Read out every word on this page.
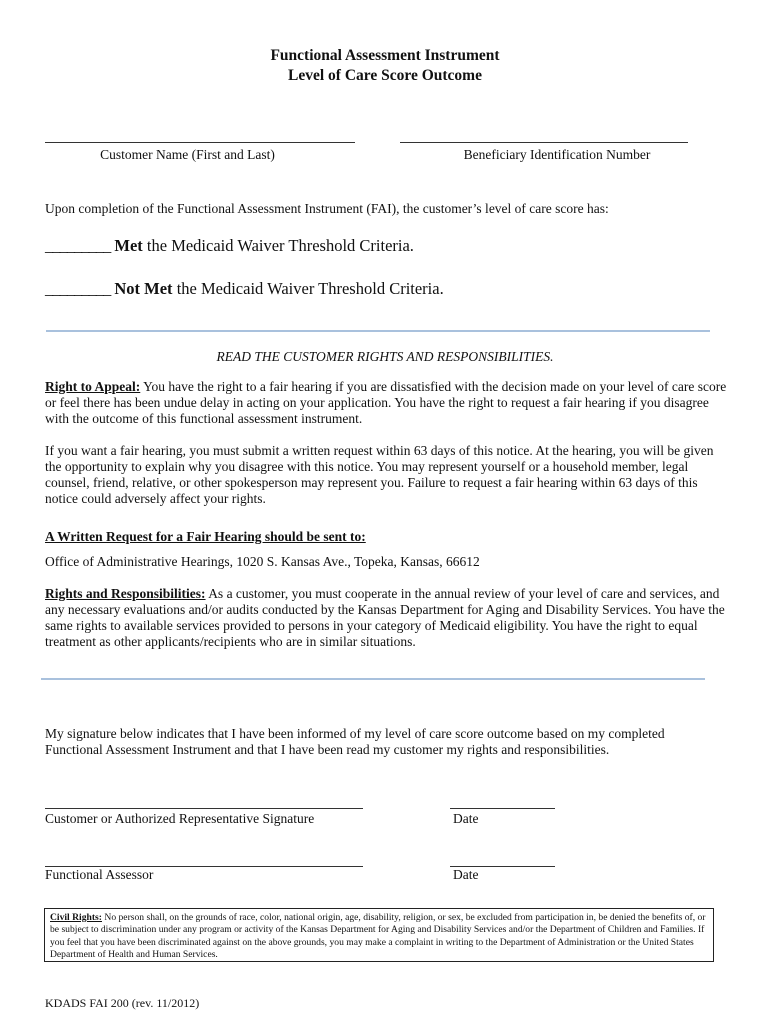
Functional Assessment Instrument
Level of Care Score Outcome
Customer Name (First and Last)	Beneficiary Identification Number
Upon completion of the Functional Assessment Instrument (FAI), the customer’s level of care score has:
_________ Met the Medicaid Waiver Threshold Criteria.
_________ Not Met the Medicaid Waiver Threshold Criteria.
READ THE CUSTOMER RIGHTS AND RESPONSIBILITIES.
Right to Appeal: You have the right to a fair hearing if you are dissatisfied with the decision made on your level of care score or feel there has been undue delay in acting on your application. You have the right to request a fair hearing if you disagree with the outcome of this functional assessment instrument.
If you want a fair hearing, you must submit a written request within 63 days of this notice. At the hearing, you will be given the opportunity to explain why you disagree with this notice. You may represent yourself or a household member, legal counsel, friend, relative, or other spokesperson may represent you. Failure to request a fair hearing within 63 days of this notice could adversely affect your rights.
A Written Request for a Fair Hearing should be sent to:
Office of Administrative Hearings, 1020 S. Kansas Ave., Topeka, Kansas, 66612
Rights and Responsibilities: As a customer, you must cooperate in the annual review of your level of care and services, and any necessary evaluations and/or audits conducted by the Kansas Department for Aging and Disability Services. You have the same rights to available services provided to persons in your category of Medicaid eligibility. You have the right to equal treatment as other applicants/recipients who are in similar situations.
My signature below indicates that I have been informed of my level of care score outcome based on my completed Functional Assessment Instrument and that I have been read my customer my rights and responsibilities.
Customer or Authorized Representative Signature	Date
Functional Assessor	Date
Civil Rights: No person shall, on the grounds of race, color, national origin, age, disability, religion, or sex, be excluded from participation in, be denied the benefits of, or be subject to discrimination under any program or activity of the Kansas Department for Aging and Disability Services and/or the Department of Children and Families. If you feel that you have been discriminated against on the above grounds, you may make a complaint in writing to the Department of Administration or the United States Department of Health and Human Services.
KDADS FAI 200 (rev. 11/2012)
